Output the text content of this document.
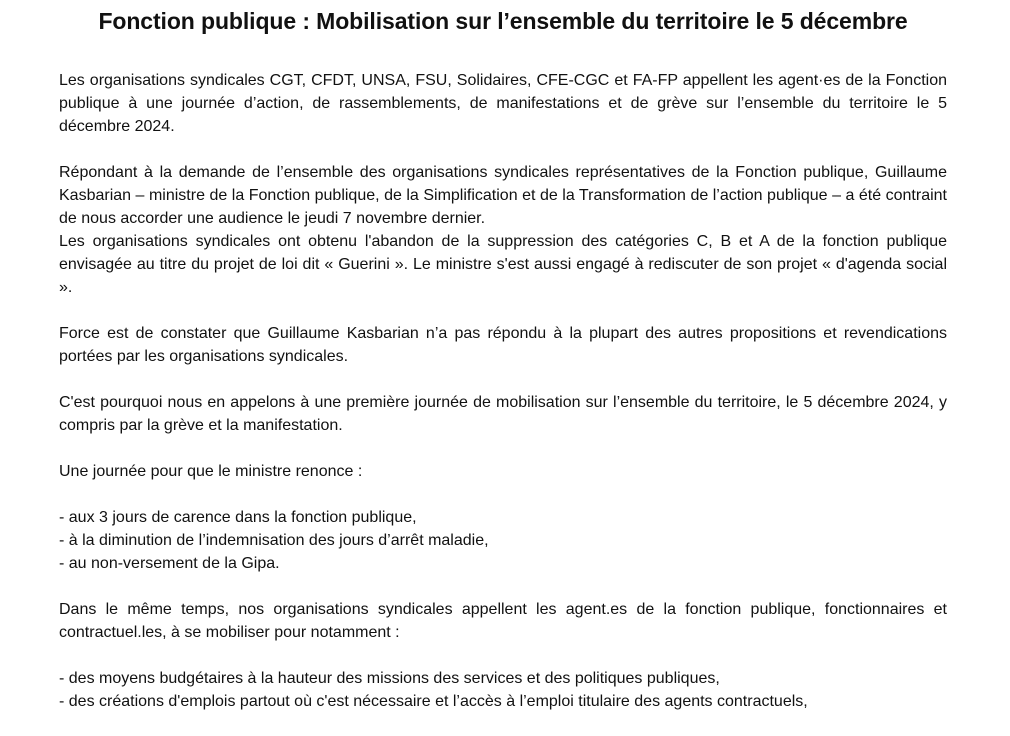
Fonction publique : Mobilisation sur l’ensemble du territoire le 5 décembre

Les organisations syndicales CGT, CFDT, UNSA, FSU, Solidaires, CFE-CGC et FA-FP appellent les agent·es de la Fonction publique à une journée d’action, de rassemblements, de manifestations et de grève sur l’ensemble du territoire le 5 décembre 2024.

Répondant à la demande de l’ensemble des organisations syndicales représentatives de la Fonction publique, Guillaume Kasbarian – ministre de la Fonction publique, de la Simplification et de la Transformation de l’action publique – a été contraint de nous accorder une audience le jeudi 7 novembre dernier.

Les organisations syndicales ont obtenu l'abandon de la suppression des catégories C, B et A de la fonction publique envisagée au titre du projet de loi dit « Guerini ». Le ministre s'est aussi engagé à rediscuter de son projet « d'agenda social ».

Force est de constater que Guillaume Kasbarian n’a pas répondu à la plupart des autres propositions et revendications portées par les organisations syndicales.

C'est pourquoi nous en appelons à une première journée de mobilisation sur l’ensemble du territoire, le 5 décembre 2024, y compris par la grève et la manifestation.

Une journée pour que le ministre renonce :

- aux 3 jours de carence dans la fonction publique,
- à la diminution de l’indemnisation des jours d’arrêt maladie,
- au non-versement de la Gipa.

Dans le même temps, nos organisations syndicales appellent les agent.es de la fonction publique, fonctionnaires et contractuel.les, à se mobiliser pour notamment :

- des moyens budgétaires à la hauteur des missions des services et des politiques publiques,
- des créations d'emplois partout où c'est nécessaire et l’accès à l’emploi titulaire des agents contractuels,
